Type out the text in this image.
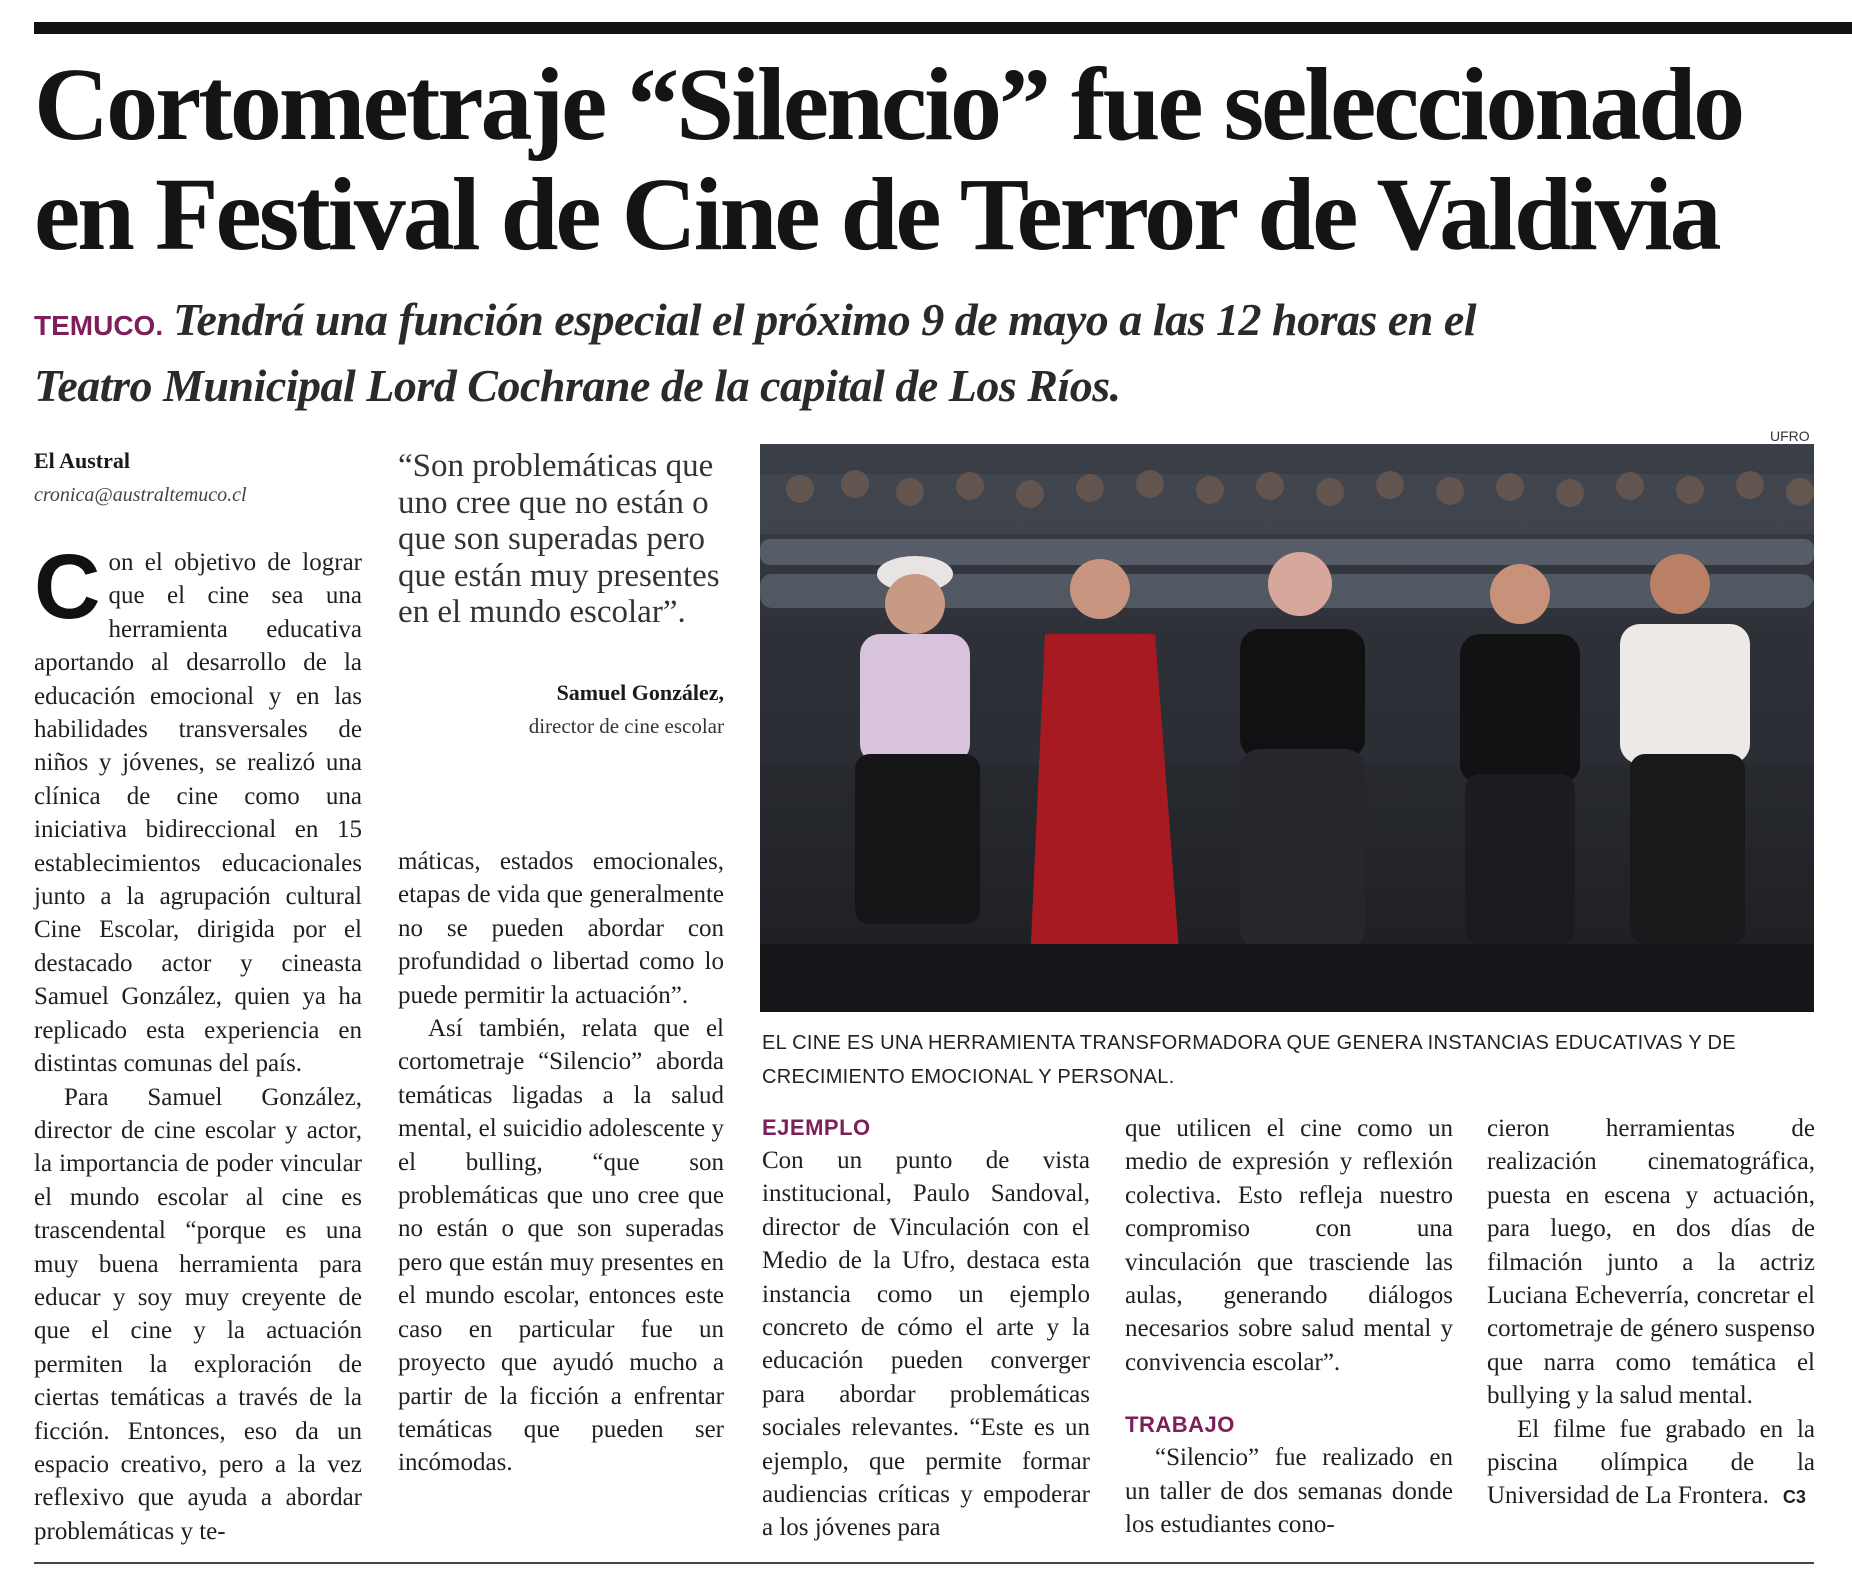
Cortometraje “Silencio” fue seleccionado
en Festival de Cine de Terror de Valdivia
TEMUCO. Tendrá una función especial el próximo 9 de mayo a las 12 horas en el
Teatro Municipal Lord Cochrane de la capital de Los Ríos.
El Austral
cronica@australtemuco.cl

Con el objetivo de lograr que el cine sea una herramienta educativa aportando al desarrollo de la educación emocional y en las habilidades transversales de niños y jóvenes, se realizó una clínica de cine como una iniciativa bidireccional en 15 establecimientos educacionales junto a la agrupación cultural Cine Escolar, dirigida por el destacado actor y cineasta Samuel González, quien ya ha replicado esta experiencia en distintas comunas del país.

Para Samuel González, director de cine escolar y actor, la importancia de poder vincular el mundo escolar al cine es trascendental “porque es una muy buena herramienta para educar y soy muy creyente de que el cine y la actuación permiten la exploración de ciertas temáticas a través de la ficción. Entonces, eso da un espacio creativo, pero a la vez reflexivo que ayuda a abordar problemáticas y te-

“Son problemáticas que uno cree que no están o que son superadas pero que están muy presentes en el mundo escolar”.
Samuel González,
director de cine escolar

máticas, estados emocionales, etapas de vida que generalmente no se pueden abordar con profundidad o libertad como lo puede permitir la actuación”.

Así también, relata que el cortometraje “Silencio” aborda temáticas ligadas a la salud mental, el suicidio adolescente y el bulling, “que son problemáticas que uno cree que no están o que son superadas pero que están muy presentes en el mundo escolar, entonces este caso en particular fue un proyecto que ayudó mucho a partir de la ficción a enfrentar temáticas que pueden ser incómodas.

UFRO
EL CINE ES UNA HERRAMIENTA TRANSFORMADORA QUE GENERA INSTANCIAS EDUCATIVAS Y DE CRECIMIENTO EMOCIONAL Y PERSONAL.
EJEMPLO

Con un punto de vista institucional, Paulo Sandoval, director de Vinculación con el Medio de la Ufro, destaca esta instancia como un ejemplo concreto de cómo el arte y la educación pueden converger para abordar problemáticas sociales relevantes. “Este es un ejemplo, que permite formar audiencias críticas y empoderar a los jóvenes para

que utilicen el cine como un medio de expresión y reflexión colectiva. Esto refleja nuestro compromiso con una vinculación que trasciende las aulas, generando diálogos necesarios sobre salud mental y convivencia escolar”.

TRABAJO

“Silencio” fue realizado en un taller de dos semanas donde los estudiantes cono-

cieron herramientas de realización cinematográfica, puesta en escena y actuación, para luego, en dos días de filmación junto a la actriz Luciana Echeverría, concretar el cortometraje de género suspenso que narra como temática el bullying y la salud mental.

El filme fue grabado en la piscina olímpica de la Universidad de La Frontera. C3
